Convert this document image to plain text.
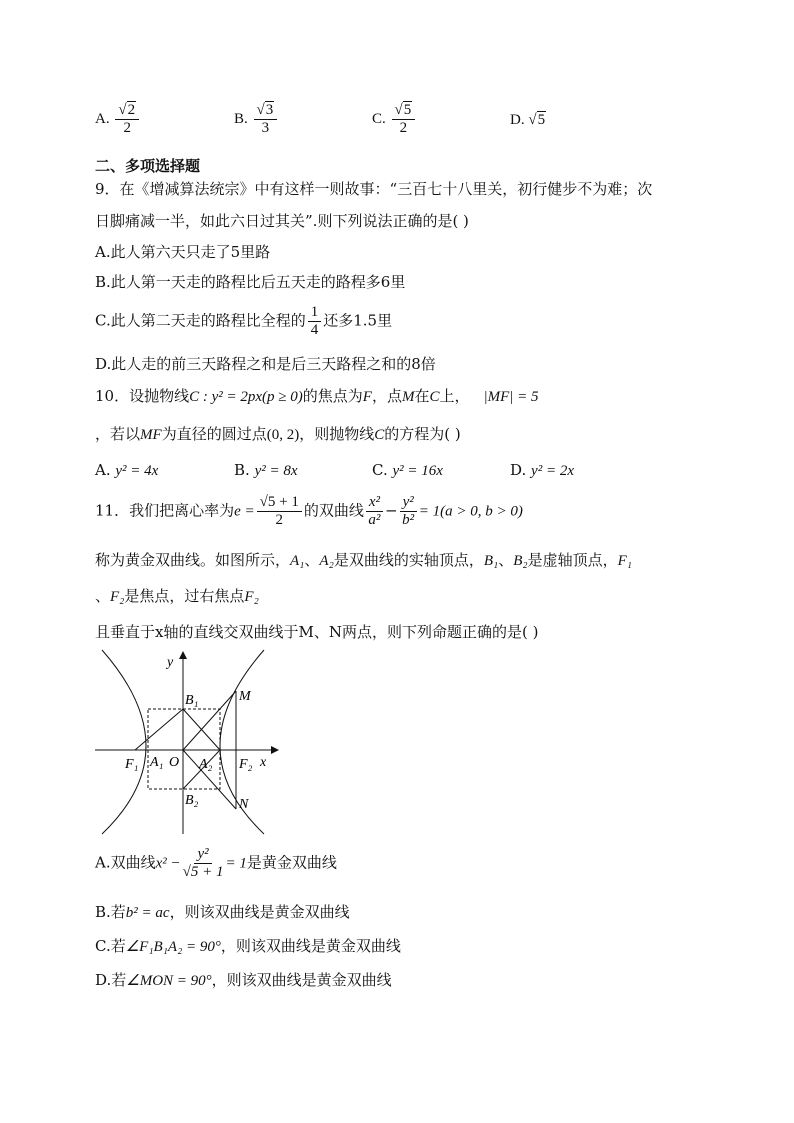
A. $\frac{√2}{2}$	B. $\frac{√3}{3}$	C. $\frac{√5}{2}$	D. √5
二、多项选择题
9．在《增减算法统宗》中有这样一则故事：“三百七十八里关，初行健步不为难；次
日脚痛减一半，如此六日过其关”.则下列说法正确的是( )
A.此人第六天只走了5里路
B.此人第一天走的路程比后五天走的路程多6里
C.此人第二天走的路程比全程的 $\frac{1}{4}$ 还多1.5里
D.此人走的前三天路程之和是后三天路程之和的8倍
10．设抛物线C : y² = 2px(p ≥ 0)的焦点为F，点M在C上， |MF| = 5
，若以MF为直径的圆过点(0, 2)，则抛物线C的方程为( )
A. y² = 4x	B. y² = 8x	C. y² = 16x	D. y² = 2x
11．我们把离心率为$e = \frac{√5 + 1}{2}$ 的双曲线 $\frac{\text{x²}}{\text{a²}} - \frac{\text{y²}}{\text{b²}} = 1(a > 0$, b > 0)
称为黄金双曲线。如图所示，A₁、A₂是双曲线的实轴顶点，B₁、B₂是虚轴顶点，F₁
、F₂是焦点，过右焦点F₂
且垂直于x轴的直线交双曲线于M、N两点，则下列命题正确的是( )
y
x
B₁
B₂
M
N
F₁ A₁ O A₂ F₂
A.双曲线$x^2 - \frac{\text{y²}}{√5 + 1} = 1$是黄金双曲线
B.若b² = ac，则该双曲线是黄金双曲线
C.若∠F₁B₁A₂ = 90°，则该双曲线是黄金双曲线
D.若∠MON = 90°，则该双曲线是黄金双曲线
